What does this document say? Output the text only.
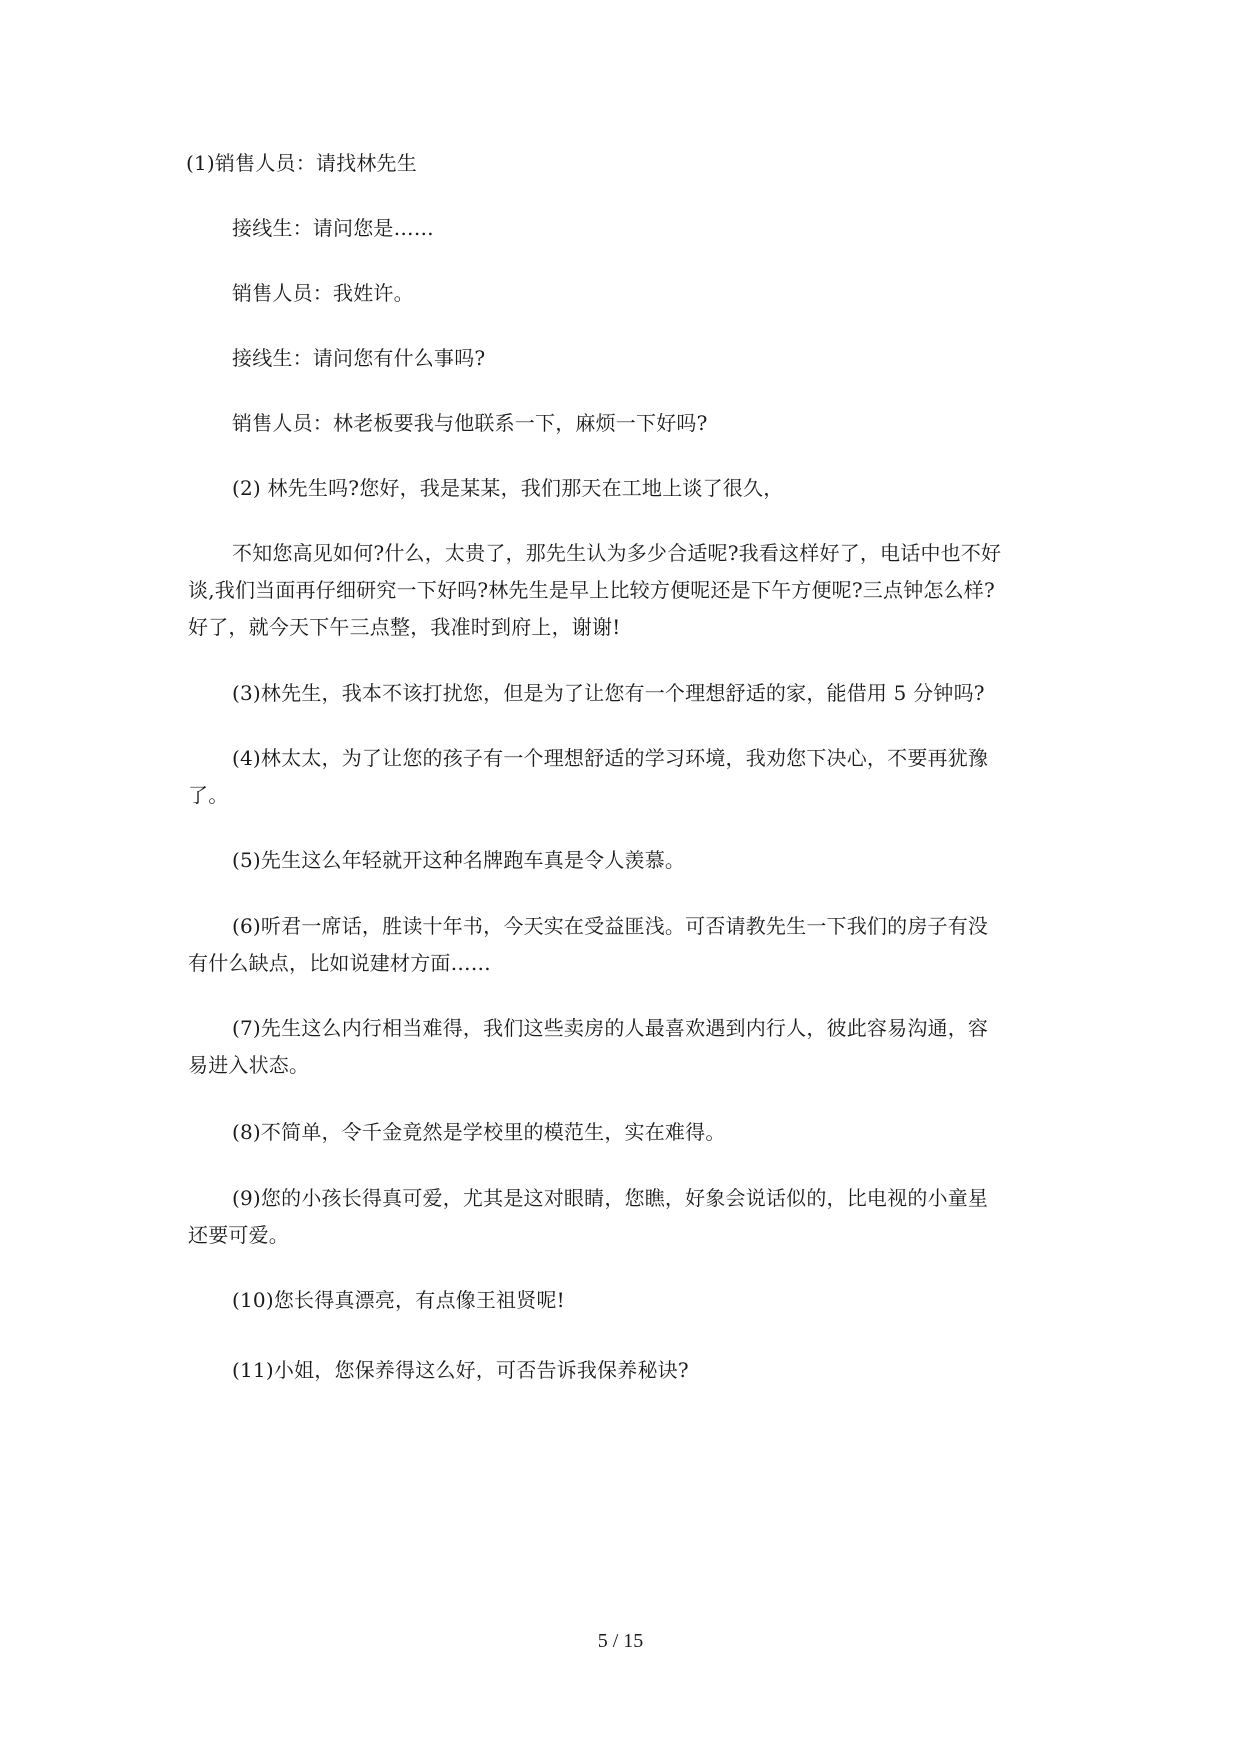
(1)销售人员：请找林先生

接线生：请问您是……

销售人员：我姓许。

接线生：请问您有什么事吗?

销售人员：林老板要我与他联系一下，麻烦一下好吗?

(2) 林先生吗?您好，我是某某，我们那天在工地上谈了很久，

不知您高见如何?什么，太贵了，那先生认为多少合适呢?我看这样好了，电话中也不好
谈,我们当面再仔细研究一下好吗?林先生是早上比较方便呢还是下午方便呢?三点钟怎么样?
好了，就今天下午三点整，我准时到府上，谢谢!

(3)林先生，我本不该打扰您，但是为了让您有一个理想舒适的家，能借用 5 分钟吗?

(4)林太太，为了让您的孩子有一个理想舒适的学习环境，我劝您下决心，不要再犹豫
了。

(5)先生这么年轻就开这种名牌跑车真是令人羡慕。

(6)听君一席话，胜读十年书，今天实在受益匪浅。可否请教先生一下我们的房子有没
有什么缺点，比如说建材方面……

(7)先生这么内行相当难得，我们这些卖房的人最喜欢遇到内行人，彼此容易沟通，容
易进入状态。

(8)不简单，令千金竟然是学校里的模范生，实在难得。

(9)您的小孩长得真可爱，尤其是这对眼睛，您瞧，好象会说话似的，比电视的小童星
还要可爱。

(10)您长得真漂亮，有点像王祖贤呢!

(11)小姐，您保养得这么好，可否告诉我保养秘诀?

5 / 15
